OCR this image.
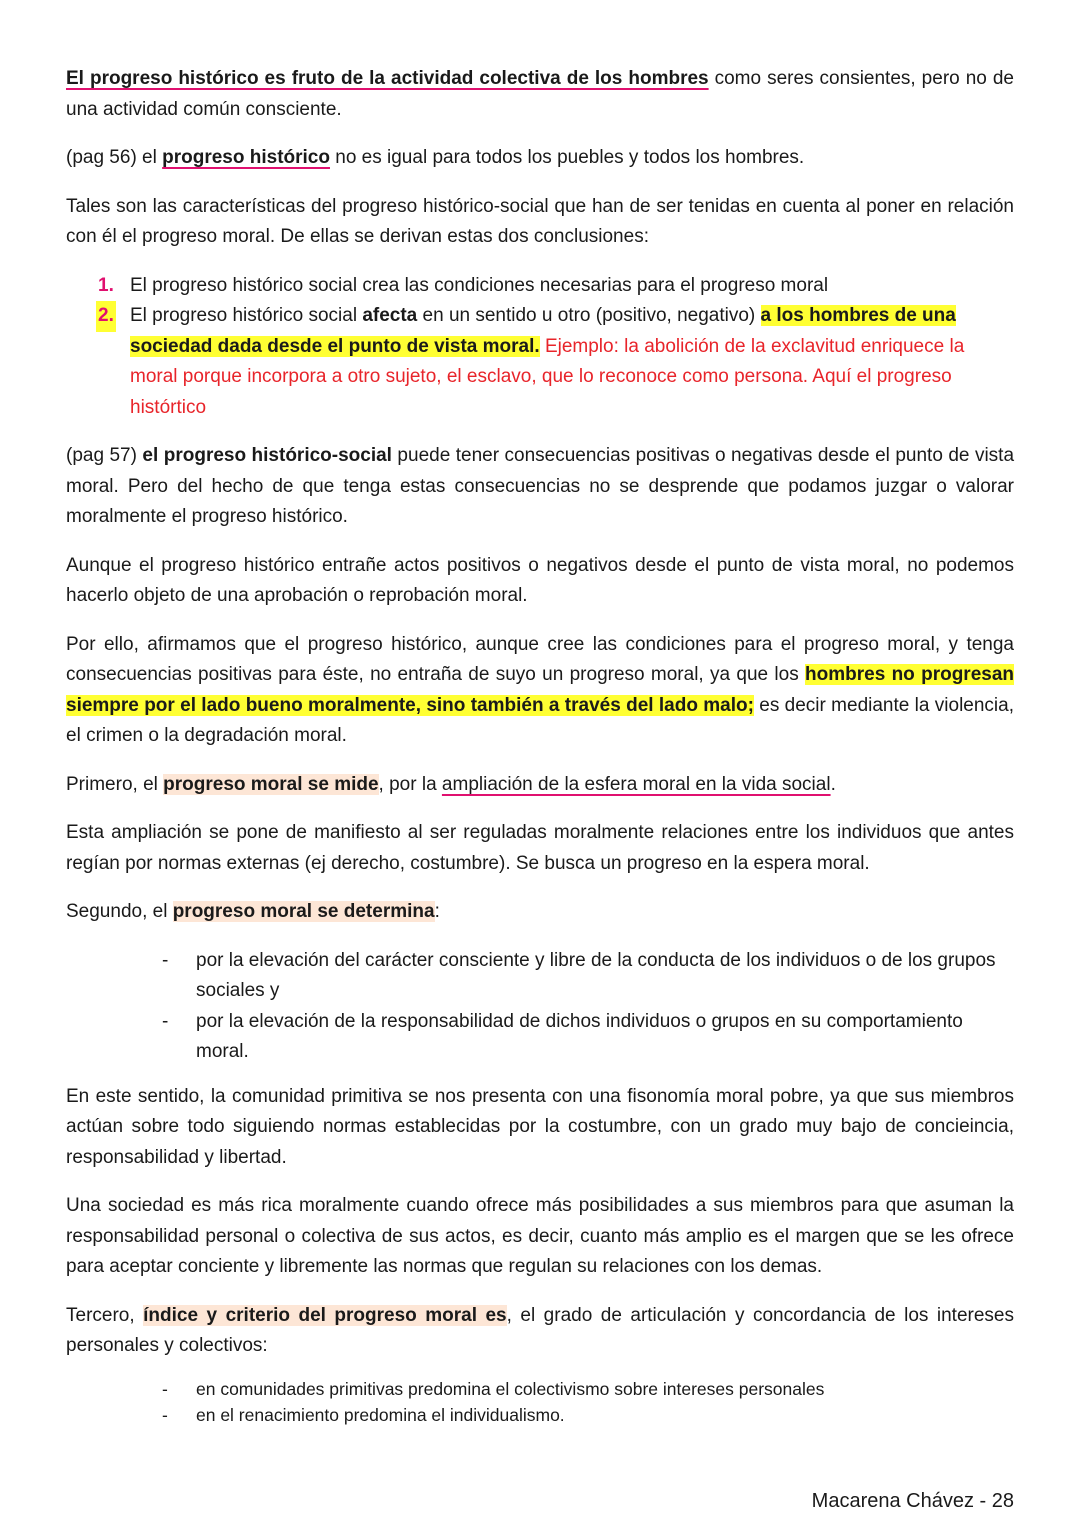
El progreso histórico es fruto de la actividad colectiva de los hombres como seres consientes, pero no de una actividad común consciente.

(pag 56) el progreso histórico no es igual para todos los puebles y todos los hombres.

Tales son las características del progreso histórico-social que han de ser tenidas en cuenta al poner en relación con él el progreso moral. De ellas se derivan estas dos conclusiones:

1. El progreso histórico social crea las condiciones necesarias para el progreso moral
2. El progreso histórico social afecta en un sentido u otro (positivo, negativo) a los hombres de una sociedad dada desde el punto de vista moral. Ejemplo: la abolición de la exclavitud enriquece la moral porque incorpora a otro sujeto, el esclavo, que lo reconoce como persona. Aquí el progreso histórtico

(pag 57) el progreso histórico-social puede tener consecuencias positivas o negativas desde el punto de vista moral. Pero del hecho de que tenga estas consecuencias no se desprende que podamos juzgar o valorar moralmente el progreso histórico.

Aunque el progreso histórico entrañe actos positivos o negativos desde el punto de vista moral, no podemos hacerlo objeto de una aprobación o reprobación moral.

Por ello, afirmamos que el progreso histórico, aunque cree las condiciones para el progreso moral, y tenga consecuencias positivas para éste, no entraña de suyo un progreso moral, ya que los hombres no progresan siempre por el lado bueno moralmente, sino también a través del lado malo; es decir mediante la violencia, el crimen o la degradación moral.

Primero, el progreso moral se mide, por la ampliación de la esfera moral en la vida social.

Esta ampliación se pone de manifiesto al ser reguladas moralmente relaciones entre los individuos que antes regían por normas externas (ej derecho, costumbre). Se busca un progreso en la espera moral.

Segundo, el progreso moral se determina:

- por la elevación del carácter consciente y libre de la conducta de los individuos o de los grupos sociales y
- por la elevación de la responsabilidad de dichos individuos o grupos en su comportamiento moral.

En este sentido, la comunidad primitiva se nos presenta con una fisonomía moral pobre, ya que sus miembros actúan sobre todo siguiendo normas establecidas por la costumbre, con un grado muy bajo de concieincia, responsabilidad y libertad.

Una sociedad es más rica moralmente cuando ofrece más posibilidades a sus miembros para que asuman la responsabilidad personal o colectiva de sus actos, es decir, cuanto más amplio es el margen que se les ofrece para aceptar conciente y libremente las normas que regulan su relaciones con los demas.

Tercero, índice y criterio del progreso moral es, el grado de articulación y concordancia de los intereses personales y colectivos:

- en comunidades primitivas predomina el colectivismo sobre intereses personales
- en el renacimiento predomina el individualismo.
Macarena Chávez - 28
